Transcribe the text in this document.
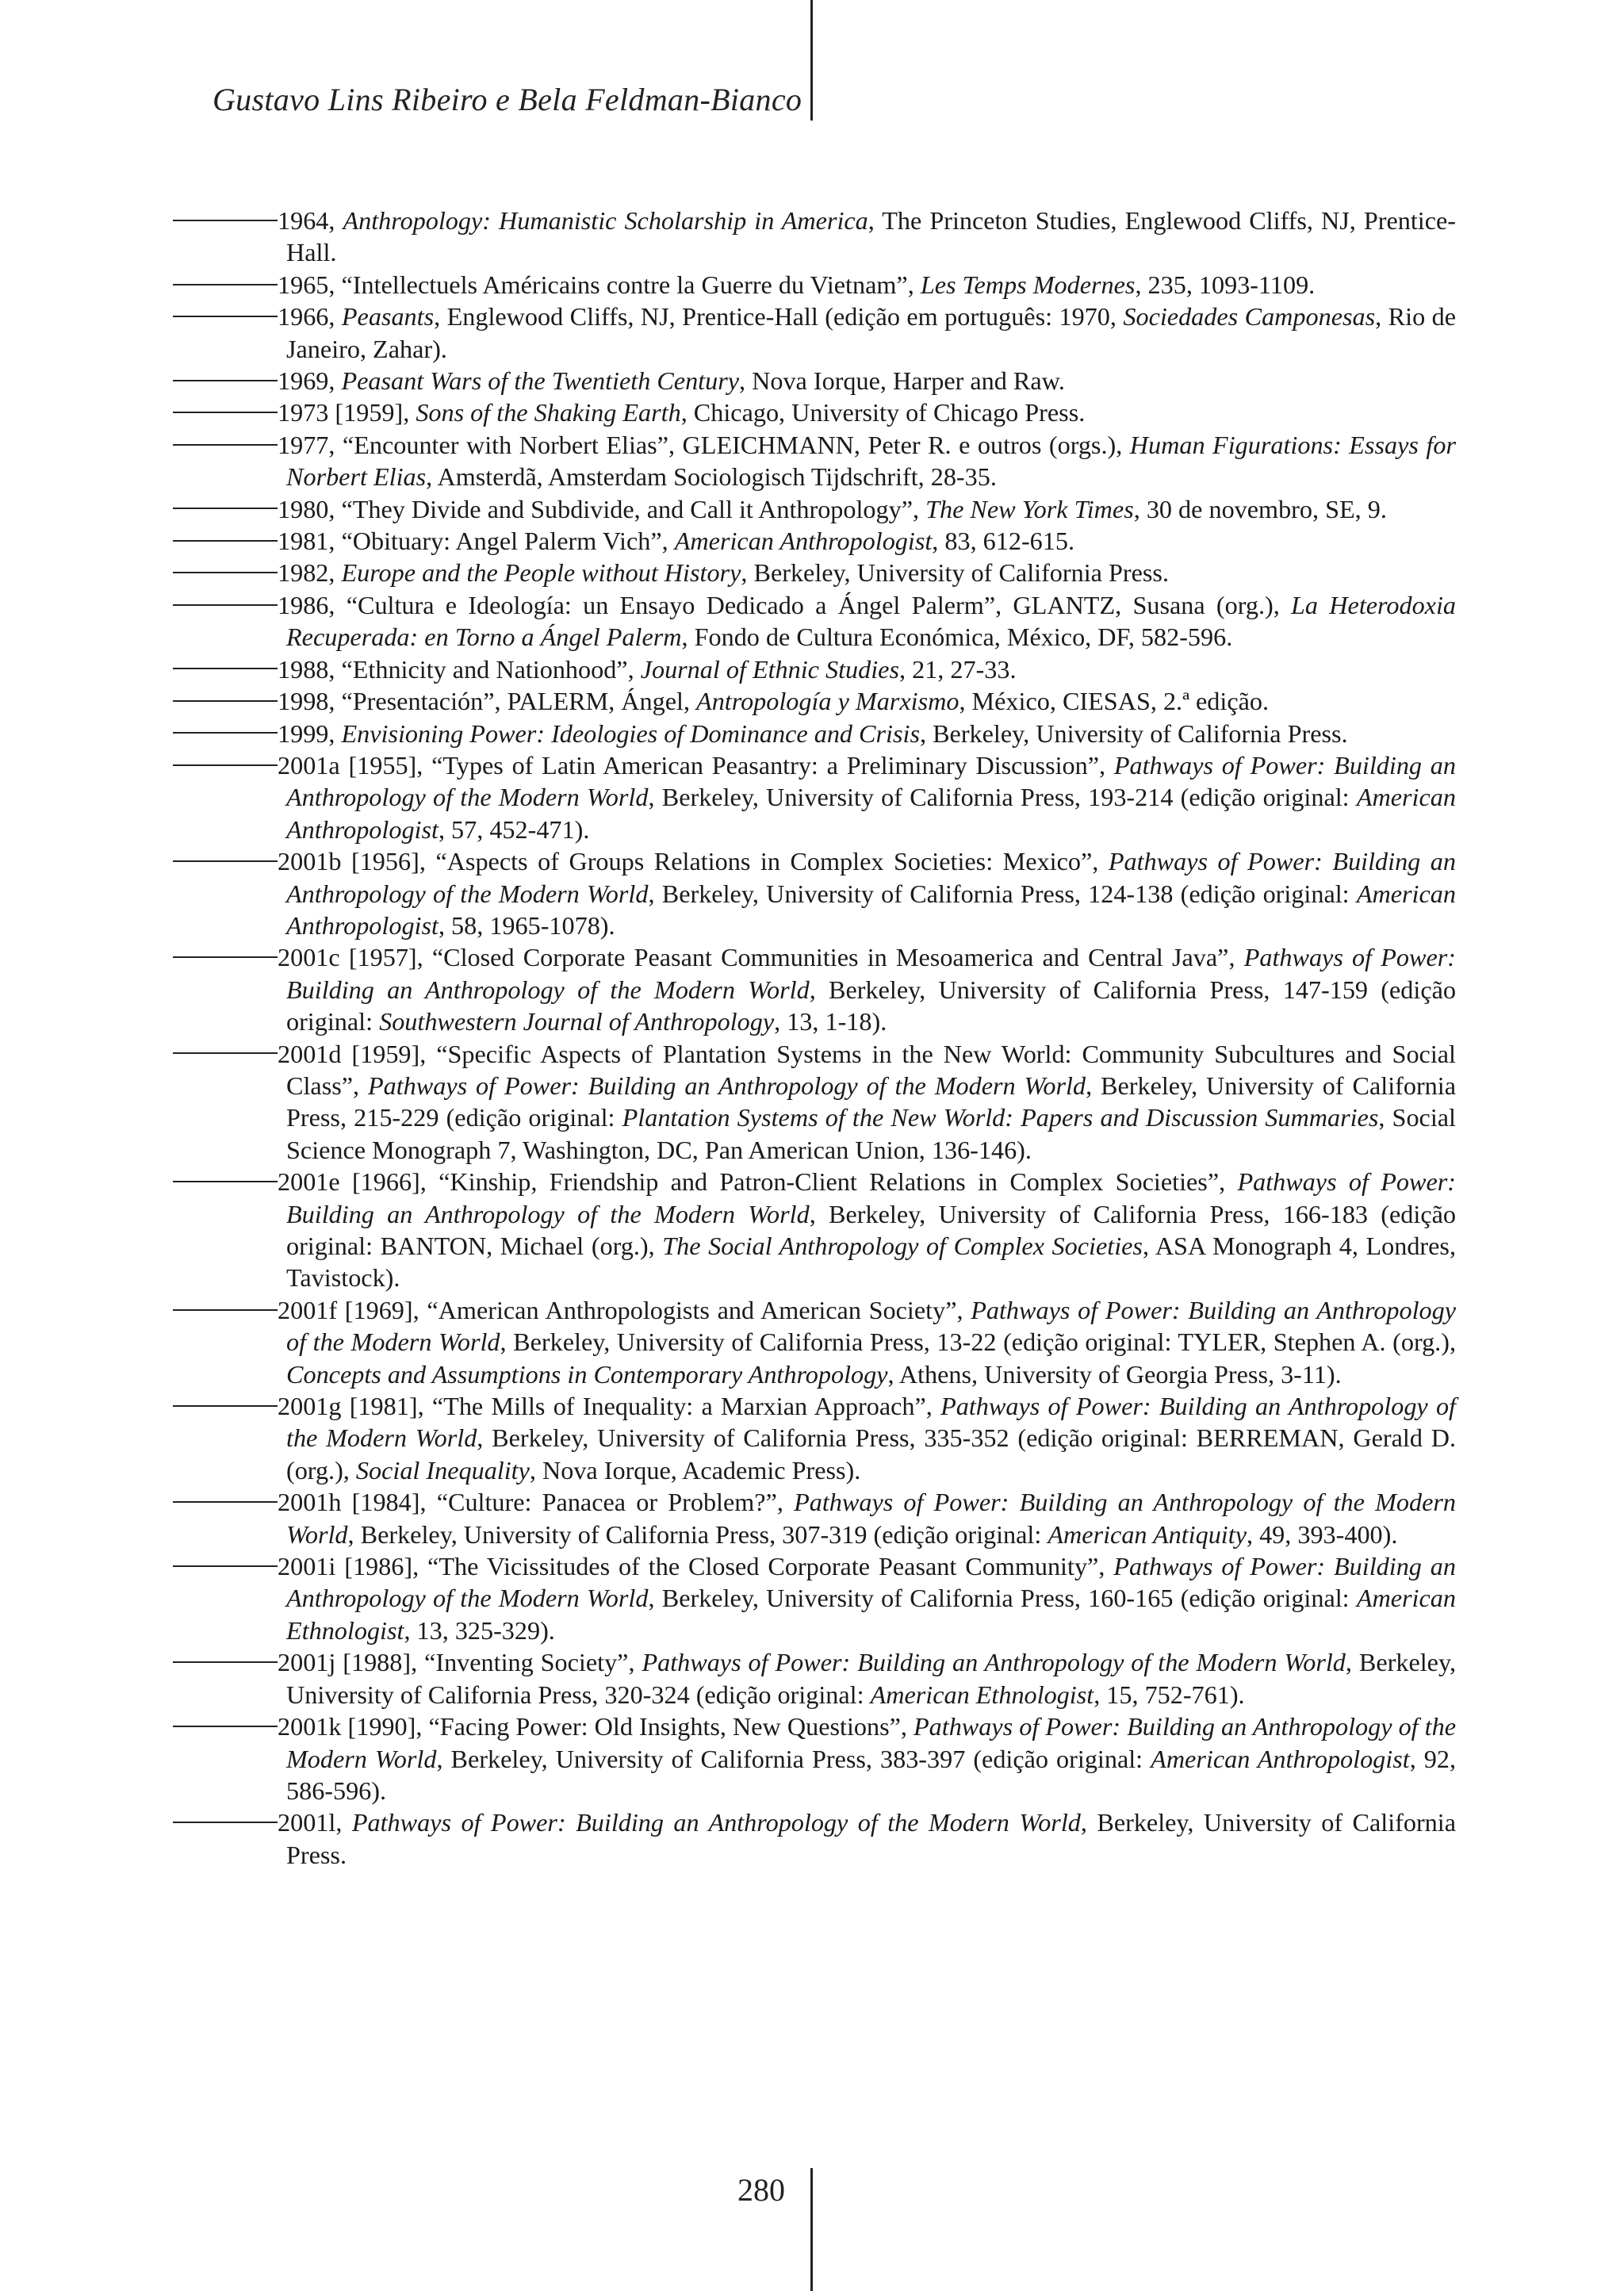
Gustavo Lins Ribeiro e Bela Feldman-Bianco
1964, Anthropology: Humanistic Scholarship in America, The Princeton Studies, Englewood Cliffs, NJ, Prentice-Hall.
1965, “Intellectuels Américains contre la Guerre du Vietnam”, Les Temps Modernes, 235, 1093-1109.
1966, Peasants, Englewood Cliffs, NJ, Prentice-Hall (edição em português: 1970, Sociedades Camponesas, Rio de Janeiro, Zahar).
1969, Peasant Wars of the Twentieth Century, Nova Iorque, Harper and Raw.
1973 [1959], Sons of the Shaking Earth, Chicago, University of Chicago Press.
1977, “Encounter with Norbert Elias”, GLEICHMANN, Peter R. e outros (orgs.), Human Figurations: Essays for Norbert Elias, Amsterdã, Amsterdam Sociologisch Tijdschrift, 28-35.
1980, “They Divide and Subdivide, and Call it Anthropology”, The New York Times, 30 de novembro, SE, 9.
1981, “Obituary: Angel Palerm Vich”, American Anthropologist, 83, 612-615.
1982, Europe and the People without History, Berkeley, University of California Press.
1986, “Cultura e Ideología: un Ensayo Dedicado a Ángel Palerm”, GLANTZ, Susana (org.), La Heterodoxia Recuperada: en Torno a Ángel Palerm, Fondo de Cultura Económica, México, DF, 582-596.
1988, “Ethnicity and Nationhood”, Journal of Ethnic Studies, 21, 27-33.
1998, “Presentación”, PALERM, Ángel, Antropología y Marxismo, México, CIESAS, 2.ª edição.
1999, Envisioning Power: Ideologies of Dominance and Crisis, Berkeley, University of California Press.
2001a [1955], “Types of Latin American Peasantry: a Preliminary Discussion”, Pathways of Power: Building an Anthropology of the Modern World, Berkeley, University of California Press, 193-214 (edição original: American Anthropologist, 57, 452-471).
2001b [1956], “Aspects of Groups Relations in Complex Societies: Mexico”, Pathways of Power: Building an Anthropology of the Modern World, Berkeley, University of California Press, 124-138 (edição original: American Anthropologist, 58, 1965-1078).
2001c [1957], “Closed Corporate Peasant Communities in Mesoamerica and Central Java”, Pathways of Power: Building an Anthropology of the Modern World, Berkeley, University of California Press, 147-159 (edição original: Southwestern Journal of Anthropology, 13, 1-18).
2001d [1959], “Specific Aspects of Plantation Systems in the New World: Community Subcultures and Social Class”, Pathways of Power: Building an Anthropology of the Modern World, Berkeley, University of California Press, 215-229 (edição original: Plantation Systems of the New World: Papers and Discussion Summaries, Social Science Monograph 7, Washington, DC, Pan American Union, 136-146).
2001e [1966], “Kinship, Friendship and Patron-Client Relations in Complex Societies”, Pathways of Power: Building an Anthropology of the Modern World, Berkeley, University of California Press, 166-183 (edição original: BANTON, Michael (org.), The Social Anthropology of Complex Societies, ASA Monograph 4, Londres, Tavistock).
2001f [1969], “American Anthropologists and American Society”, Pathways of Power: Building an Anthropology of the Modern World, Berkeley, University of California Press, 13-22 (edição original: TYLER, Stephen A. (org.), Concepts and Assumptions in Contemporary Anthropology, Athens, University of Georgia Press, 3-11).
2001g [1981], “The Mills of Inequality: a Marxian Approach”, Pathways of Power: Building an Anthropology of the Modern World, Berkeley, University of California Press, 335-352 (edição original: BERREMAN, Gerald D. (org.), Social Inequality, Nova Iorque, Academic Press).
2001h [1984], “Culture: Panacea or Problem?”, Pathways of Power: Building an Anthropology of the Modern World, Berkeley, University of California Press, 307-319 (edição original: American Antiquity, 49, 393-400).
2001i [1986], “The Vicissitudes of the Closed Corporate Peasant Community”, Pathways of Power: Building an Anthropology of the Modern World, Berkeley, University of California Press, 160-165 (edição original: American Ethnologist, 13, 325-329).
2001j [1988], “Inventing Society”, Pathways of Power: Building an Anthropology of the Modern World, Berkeley, University of California Press, 320-324 (edição original: American Ethnologist, 15, 752-761).
2001k [1990], “Facing Power: Old Insights, New Questions”, Pathways of Power: Building an Anthropology of the Modern World, Berkeley, University of California Press, 383-397 (edição original: American Anthropologist, 92, 586-596).
2001l, Pathways of Power: Building an Anthropology of the Modern World, Berkeley, University of California Press.
280
